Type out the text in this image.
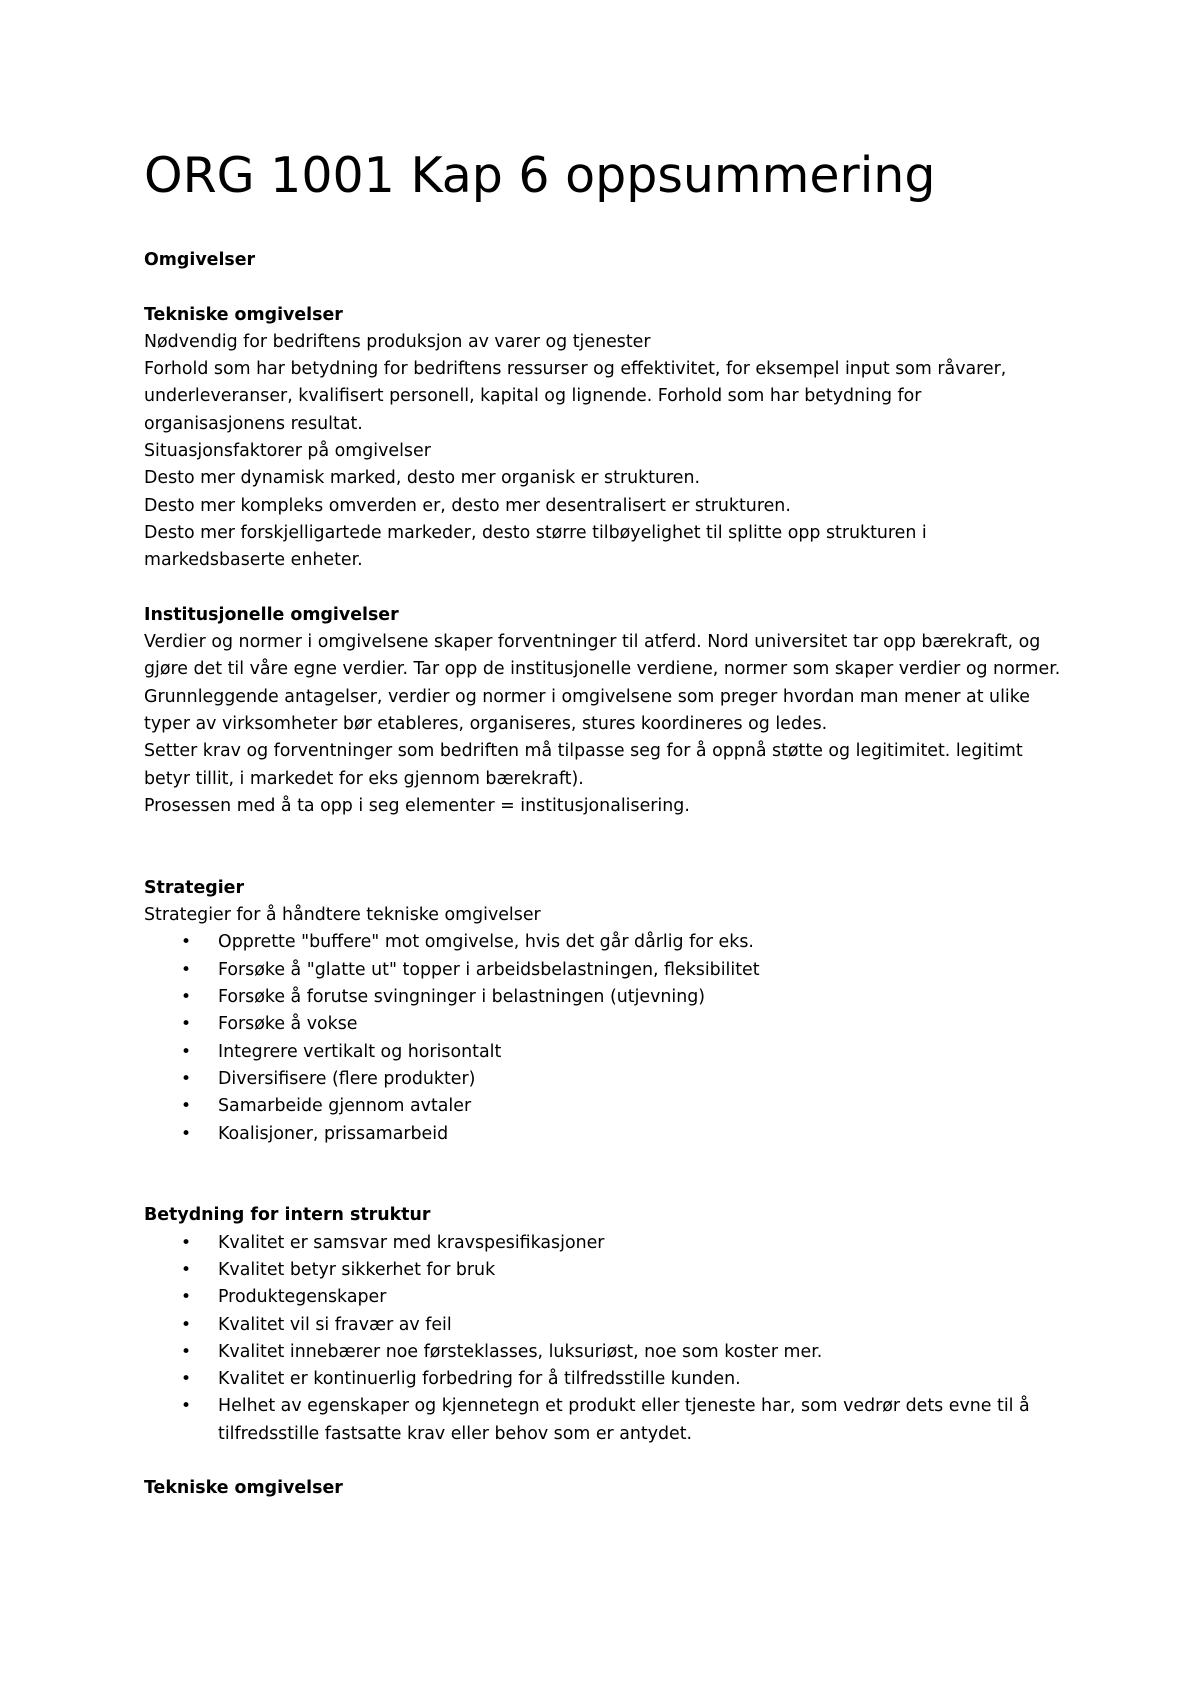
ORG 1001 Kap 6 oppsummering

Omgivelser

Tekniske omgivelser

Nødvendig for bedriftens produksjon av varer og tjenester

Forhold som har betydning for bedriftens ressurser og effektivitet, for eksempel input som råvarer, underleveranser, kvalifisert personell, kapital og lignende. Forhold som har betydning for organisasjonens resultat.

Situasjonsfaktorer på omgivelser

Desto mer dynamisk marked, desto mer organisk er strukturen.

Desto mer kompleks omverden er, desto mer desentralisert er strukturen.

Desto mer forskjelligartede markeder, desto større tilbøyelighet til splitte opp strukturen i markedsbaserte enheter.

Institusjonelle omgivelser

Verdier og normer i omgivelsene skaper forventninger til atferd. Nord universitet tar opp bærekraft, og gjøre det til våre egne verdier. Tar opp de institusjonelle verdiene, normer som skaper verdier og normer.

Grunnleggende antagelser, verdier og normer i omgivelsene som preger hvordan man mener at ulike typer av virksomheter bør etableres, organiseres, stures koordineres og ledes.

Setter krav og forventninger som bedriften må tilpasse seg for å oppnå støtte og legitimitet. legitimt betyr tillit, i markedet for eks gjennom bærekraft).

Prosessen med å ta opp i seg elementer = institusjonalisering.

Strategier

Strategier for å håndtere tekniske omgivelser

• Opprette "buffere" mot omgivelse, hvis det går dårlig for eks.
• Forsøke å "glatte ut" topper i arbeidsbelastningen, fleksibilitet
• Forsøke å forutse svingninger i belastningen (utjevning)
• Forsøke å vokse
• Integrere vertikalt og horisontalt
• Diversifisere (flere produkter)
• Samarbeide gjennom avtaler
• Koalisjoner, prissamarbeid

Betydning for intern struktur

• Kvalitet er samsvar med kravspesifikasjoner
• Kvalitet betyr sikkerhet for bruk
• Produktegenskaper
• Kvalitet vil si fravær av feil
• Kvalitet innebærer noe førsteklasses, luksuriøst, noe som koster mer.
• Kvalitet er kontinuerlig forbedring for å tilfredsstille kunden.
• Helhet av egenskaper og kjennetegn et produkt eller tjeneste har, som vedrør dets evne til å tilfredsstille fastsatte krav eller behov som er antydet.

Tekniske omgivelser
